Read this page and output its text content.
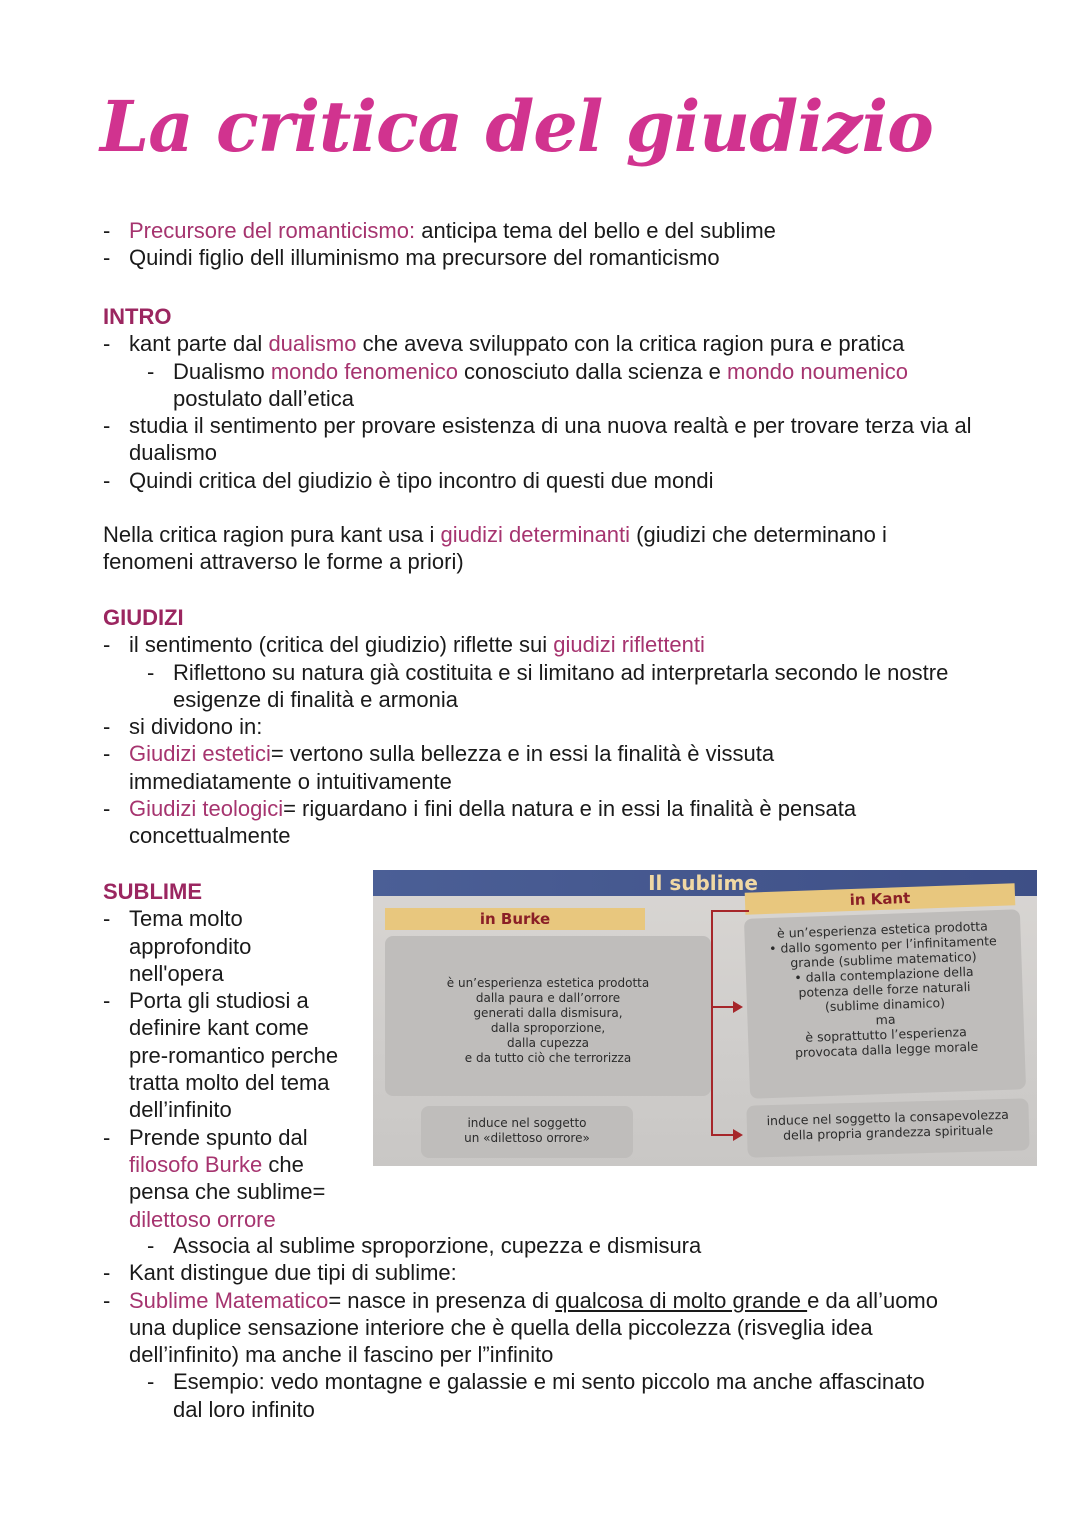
La critica del giudizio
- Precursore del romanticismo: anticipa tema del bello e del sublime
- Quindi figlio dell illuminismo ma precursore del romanticismo

INTRO

- kant parte dal dualismo che aveva sviluppato con la critica ragion pura e pratica
- Dualismo mondo fenomenico conosciuto dalla scienza e mondo noumenico postulato dall’etica
- studia il sentimento per provare esistenza di una nuova realtà e per trovare terza via al dualismo
- Quindi critica del giudizio è tipo incontro di questi due mondi

Nella critica ragion pura kant usa i giudizi determinanti (giudizi che determinano i fenomeni attraverso le forme a priori)

GIUDIZI

- il sentimento (critica del giudizio) riflette sui giudizi riflettenti
- Riflettono su natura già costituita e si limitano ad interpretarla secondo le nostre esigenze di finalità e armonia
- si dividono in:
- Giudizi estetici= vertono sulla bellezza e in essi la finalità è vissuta immediatamente o intuitivamente
- Giudizi teologici= riguardano i fini della natura e in essi la finalità è pensata concettualmente

SUBLIME

- Tema molto approfondito nell'opera
- Porta gli studiosi a definire kant come pre-romantico perche tratta molto del tema dell’infinito
- Prende spunto dal filosofo Burke che pensa che sublime= dilettoso orrore
- Associa al sublime sproporzione, cupezza e dismisura
- Kant distingue due tipi di sublime:
- Sublime Matematico= nasce in presenza di qualcosa di molto grande e da all’uomo una duplice sensazione interiore che è quella della piccolezza (risveglia idea dell’infinito) ma anche il fascino per l”infinito
- Esempio: vedo montagne e galassie e mi sento piccolo ma anche affascinato dal loro infinito
Il sublime
in Burke
in Kant
è un’esperienza estetica prodotta
dalla paura e dall’orrore
generati dalla dismisura,
dalla sproporzione,
dalla cupezza
e da tutto ciò che terrorizza
induce nel soggetto
un «dilettoso orrore»
è un’esperienza estetica prodotta
• dallo sgomento per l’infinitamente
grande (sublime matematico)
• dalla contemplazione della
potenza delle forze naturali
(sublime dinamico)
ma
è soprattutto l’esperienza
provocata dalla legge morale
induce nel soggetto la consapevolezza
della propria grandezza spirituale
